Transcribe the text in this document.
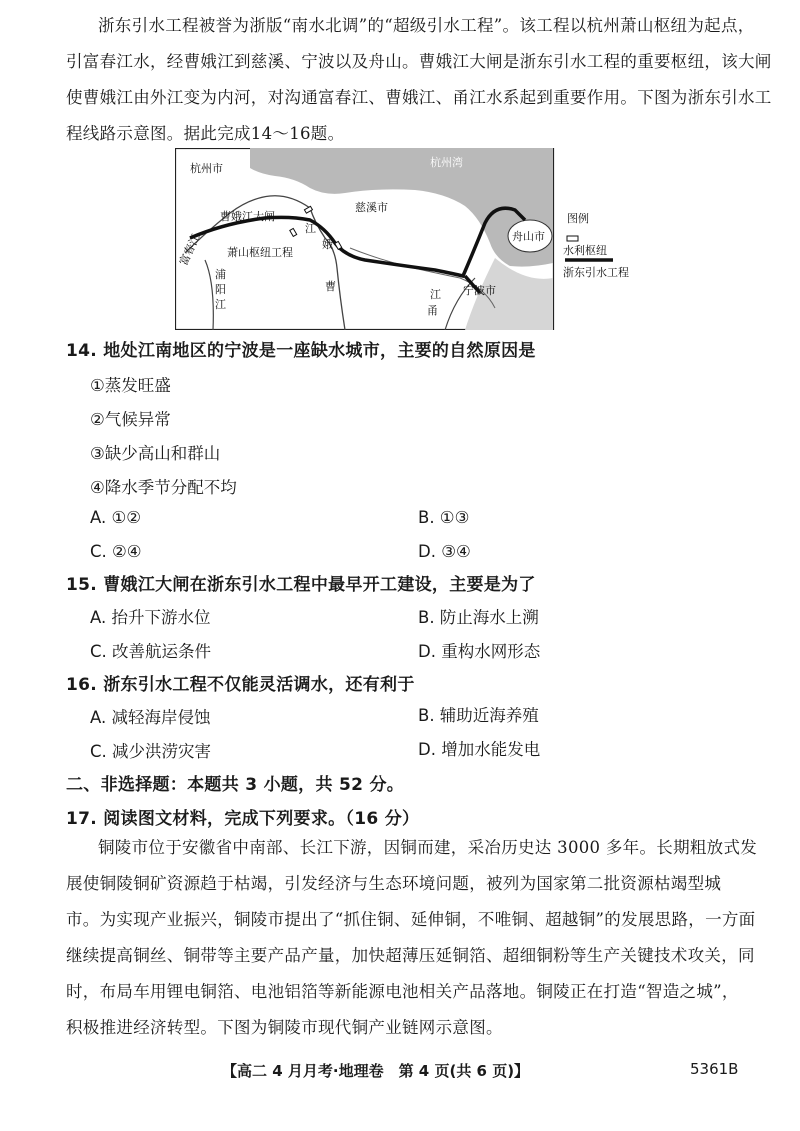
浙东引水工程被誉为浙版“南水北调”的“超级引水工程”。该工程以杭州萧山枢纽为起点，
引富春江水，经曹娥江到慈溪、宁波以及舟山。曹娥江大闸是浙东引水工程的重要枢纽，该大闸
使曹娥江由外江变为内河，对沟通富春江、曹娥江、甬江水系起到重要作用。下图为浙东引水工
程线路示意图。据此完成14～16题。
杭州市	杭州湾
曹娥江大闸
慈溪市
舟山市
富春江 萧山枢纽工程
浦
阳
江
江
娥
曹
江
甬
宁波市
图例
水利枢纽
浙东引水工程
14. 地处江南地区的宁波是一座缺水城市，主要的自然原因是
①蒸发旺盛
②气候异常
③缺少高山和群山
④降水季节分配不均
A. ①②	B. ①③
C. ②④	D. ③④
15. 曹娥江大闸在浙东引水工程中最早开工建设，主要是为了
A. 抬升下游水位	B. 防止海水上溯
C. 改善航运条件	D. 重构水网形态
16. 浙东引水工程不仅能灵活调水，还有利于
A. 减轻海岸侵蚀	B. 辅助近海养殖
C. 减少洪涝灾害	D. 增加水能发电
二、非选择题：本题共 3 小题，共 52 分。
17. 阅读图文材料，完成下列要求。（16 分）
铜陵市位于安徽省中南部、长江下游，因铜而建，采冶历史达 3000 多年。长期粗放式发
展使铜陵铜矿资源趋于枯竭，引发经济与生态环境问题，被列为国家第二批资源枯竭型城
市。为实现产业振兴，铜陵市提出了“抓住铜、延伸铜，不唯铜、超越铜”的发展思路，一方面
继续提高铜丝、铜带等主要产品产量，加快超薄压延铜箔、超细铜粉等生产关键技术攻关，同
时，布局车用锂电铜箔、电池铝箔等新能源电池相关产品落地。铜陵正在打造“智造之城”，
积极推进经济转型。下图为铜陵市现代铜产业链网示意图。
【高二 4 月月考·地理卷　第 4 页(共 6 页)】	5361B
